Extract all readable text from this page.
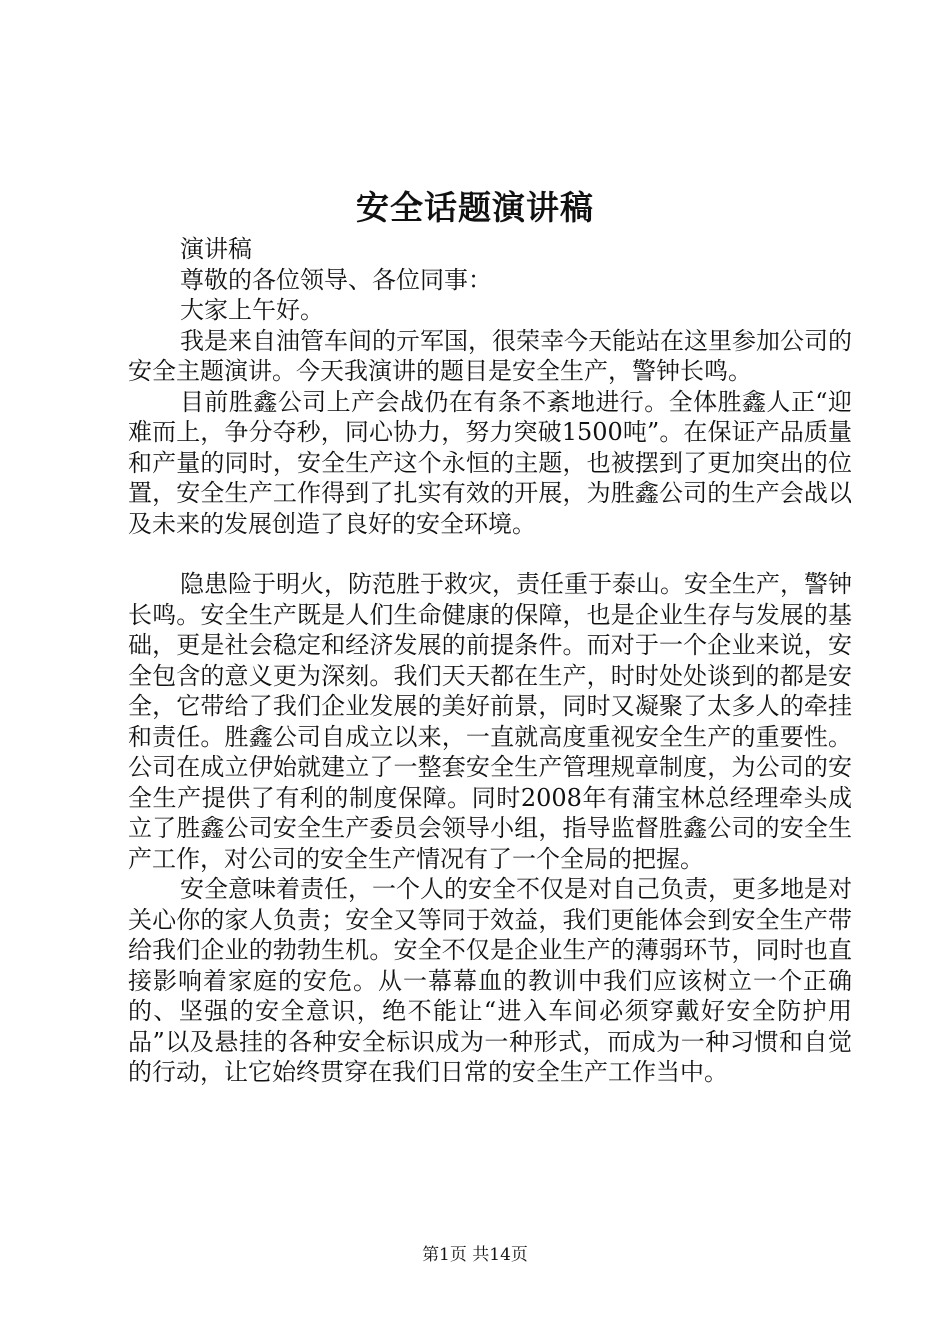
安全话题演讲稿

演讲稿

尊敬的各位领导、各位同事：

大家上午好。

我是来自油管车间的亓军国，很荣幸今天能站在这里参加公司的安全主题演讲。今天我演讲的题目是安全生产，警钟长鸣。

目前胜鑫公司上产会战仍在有条不紊地进行。全体胜鑫人正“迎难而上，争分夺秒，同心协力，努力突破1500吨”。在保证产品质量和产量的同时，安全生产这个永恒的主题，也被摆到了更加突出的位置，安全生产工作得到了扎实有效的开展，为胜鑫公司的生产会战以及未来的发展创造了良好的安全环境。

隐患险于明火，防范胜于救灾，责任重于泰山。安全生产，警钟长鸣。安全生产既是人们生命健康的保障，也是企业生存与发展的基础，更是社会稳定和经济发展的前提条件。而对于一个企业来说，安全包含的意义更为深刻。我们天天都在生产，时时处处谈到的都是安全，它带给了我们企业发展的美好前景，同时又凝聚了太多人的牵挂和责任。胜鑫公司自成立以来，一直就高度重视安全生产的重要性。公司在成立伊始就建立了一整套安全生产管理规章制度，为公司的安全生产提供了有利的制度保障。同时2008年有蒲宝林总经理牵头成立了胜鑫公司安全生产委员会领导小组，指导监督胜鑫公司的安全生产工作，对公司的安全生产情况有了一个全局的把握。

安全意味着责任，一个人的安全不仅是对自己负责，更多地是对关心你的家人负责；安全又等同于效益，我们更能体会到安全生产带给我们企业的勃勃生机。安全不仅是企业生产的薄弱环节，同时也直接影响着家庭的安危。从一幕幕血的教训中我们应该树立一个正确的、坚强的安全意识，绝不能让“进入车间必须穿戴好安全防护用品”以及悬挂的各种安全标识成为一种形式，而成为一种习惯和自觉的行动，让它始终贯穿在我们日常的安全生产工作当中。

第1页 共14页
